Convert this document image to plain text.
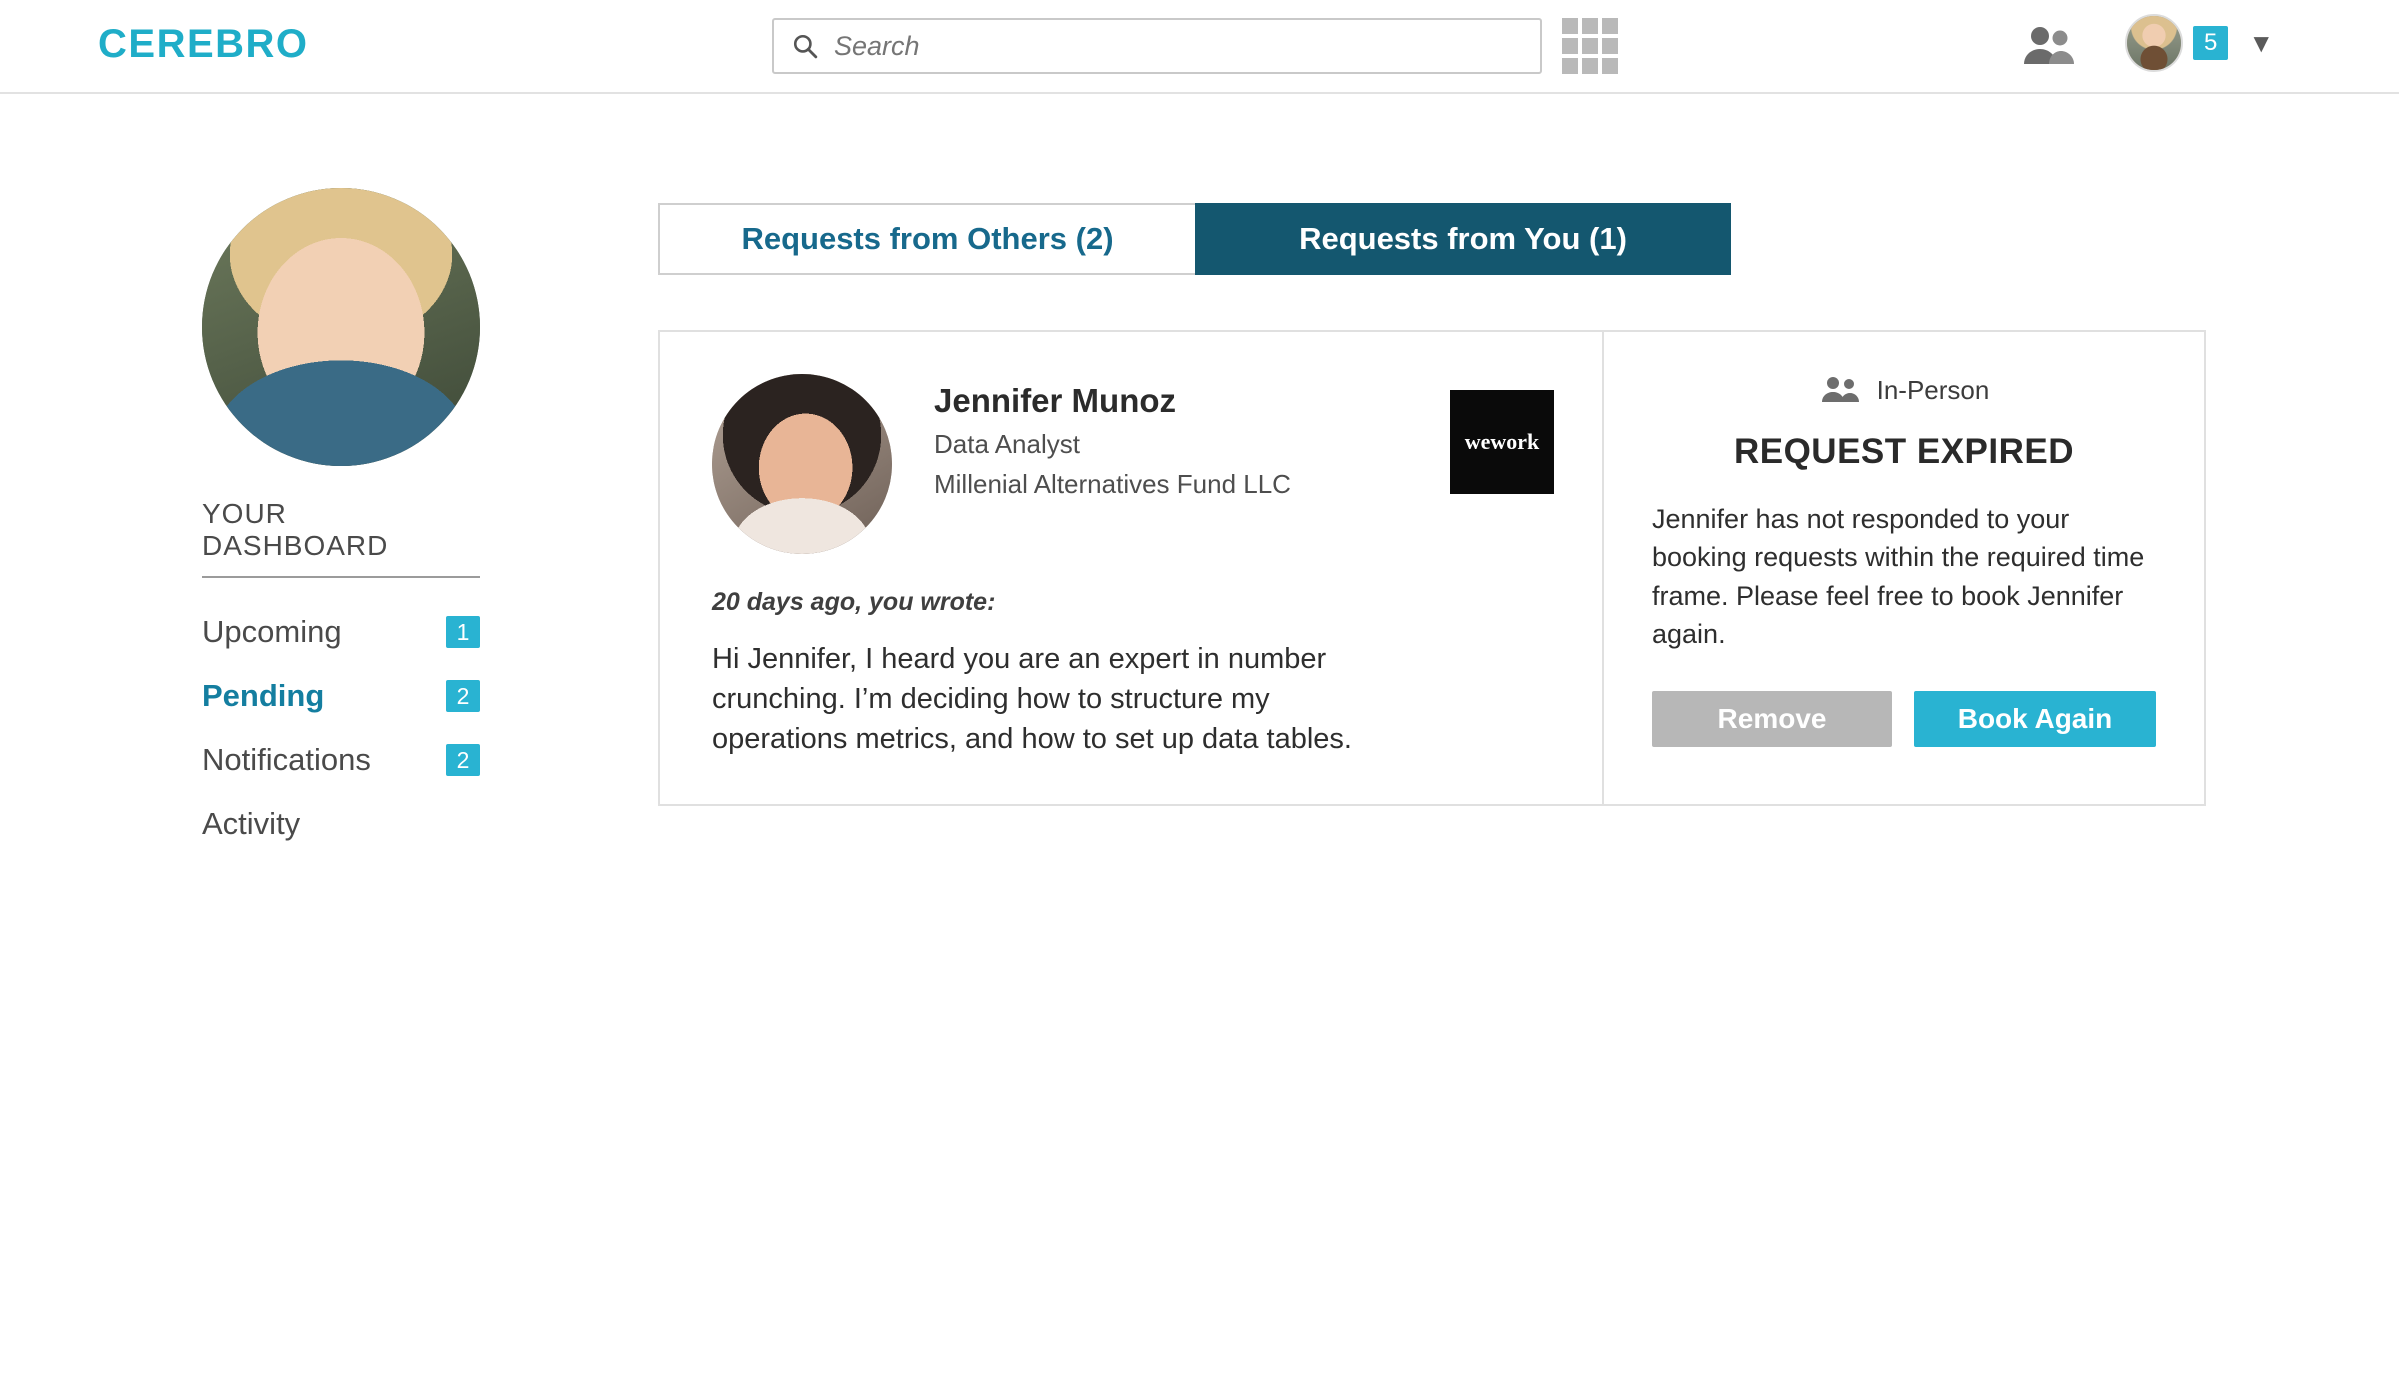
CEREBRO
Search	5	▼
YOUR DASHBOARD
Upcoming	1
Pending	2
Notifications	2
Activity
Requests from Others (2)	Requests from You (1)
Jennifer Munoz
Data Analyst
Millenial Alternatives Fund LLC
wework
20 days ago, you wrote:
Hi Jennifer, I heard you are an expert in number crunching. I’m deciding how to structure my operations metrics, and how to set up data tables.
In-Person
REQUEST EXPIRED
Jennifer has not responded to your booking requests within the required time frame. Please feel free to book Jennifer again.
Remove	Book Again
